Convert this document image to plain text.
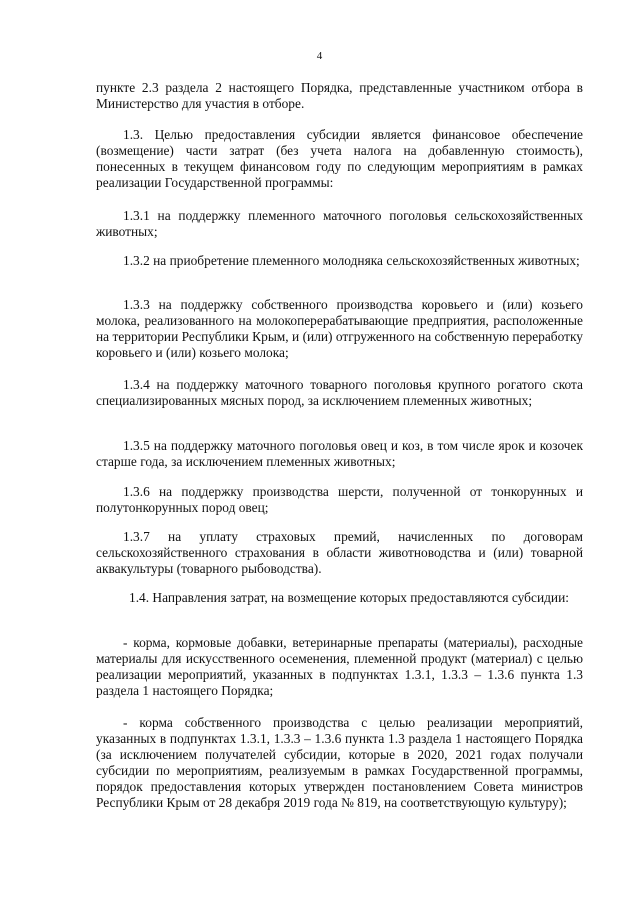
4

пункте 2.3 раздела 2 настоящего Порядка, представленные участником отбора в Министерство для участия в отборе.

1.3. Целью предоставления субсидии является финансовое обеспечение (возмещение) части затрат (без учета налога на добавленную стоимость), понесенных в текущем финансовом году по следующим мероприятиям в рамках реализации Государственной программы:

1.3.1 на поддержку племенного маточного поголовья сельскохозяйственных животных;

1.3.2 на приобретение племенного молодняка сельскохозяйственных животных;

1.3.3 на поддержку собственного производства коровьего и (или) козьего молока, реализованного на молокоперерабатывающие предприятия, расположенные на территории Республики Крым, и (или) отгруженного на собственную переработку коровьего и (или) козьего молока;

1.3.4 на поддержку маточного товарного поголовья крупного рогатого скота специализированных мясных пород, за исключением племенных животных;

1.3.5 на поддержку маточного поголовья овец и коз, в том числе ярок и козочек старше года, за исключением племенных животных;

1.3.6 на поддержку производства шерсти, полученной от тонкорунных и полутонкорунных пород овец;

1.3.7 на уплату страховых премий, начисленных по договорам сельскохозяйственного страхования в области животноводства и (или) товарной аквакультуры (товарного рыбоводства).

1.4. Направления затрат, на возмещение которых предоставляются субсидии:

- корма, кормовые добавки, ветеринарные препараты (материалы), расходные материалы для искусственного осеменения, племенной продукт (материал) с целью реализации мероприятий, указанных в подпунктах 1.3.1, 1.3.3 – 1.3.6 пункта 1.3 раздела 1 настоящего Порядка;

- корма собственного производства с целью реализации мероприятий, указанных в подпунктах 1.3.1, 1.3.3 – 1.3.6 пункта 1.3 раздела 1 настоящего Порядка (за исключением получателей субсидии, которые в 2020, 2021 годах получали субсидии по мероприятиям, реализуемым в рамках Государственной программы, порядок предоставления которых утвержден постановлением Совета министров Республики Крым от 28 декабря 2019 года № 819, на соответствующую культуру);
